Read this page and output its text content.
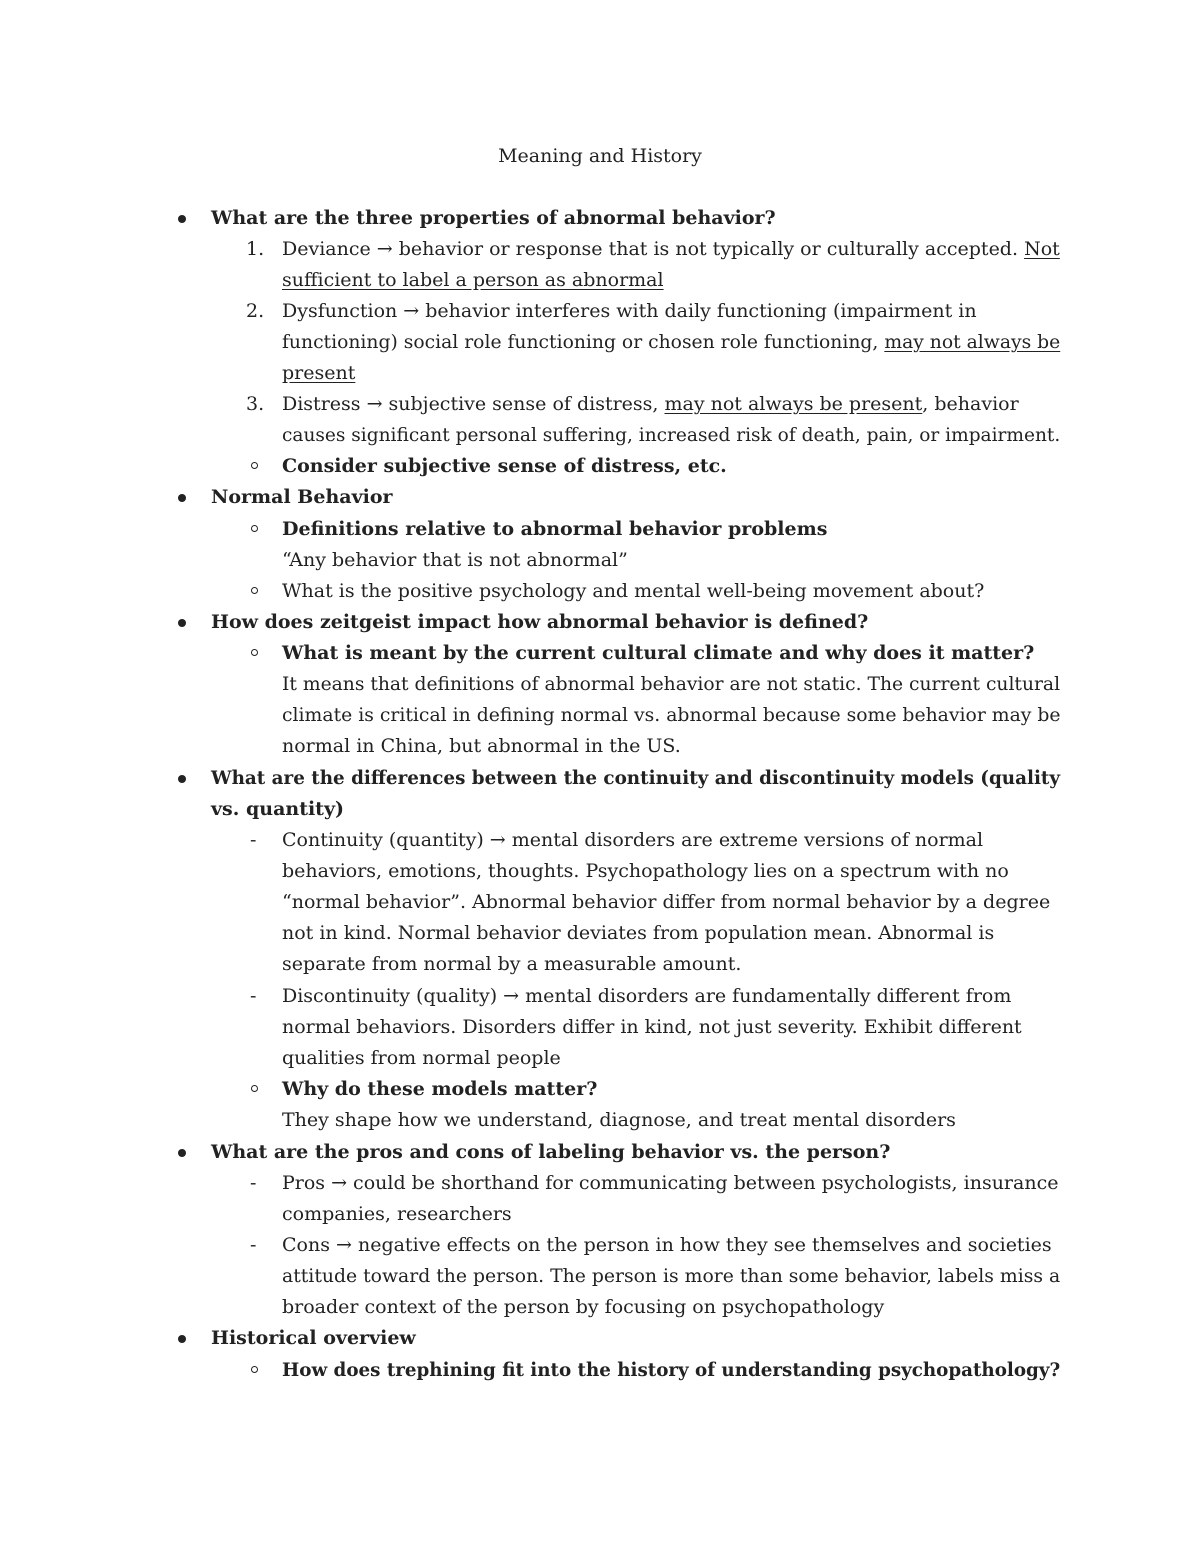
Meaning and History
What are the three properties of abnormal behavior?
1. Deviance → behavior or response that is not typically or culturally accepted. Not
sufficient to label a person as abnormal
2. Dysfunction → behavior interferes with daily functioning (impairment in
functioning) social role functioning or chosen role functioning, may not always be
present
3. Distress → subjective sense of distress, may not always be present, behavior
causes significant personal suffering, increased risk of death, pain, or impairment.
Consider subjective sense of distress, etc.
Normal Behavior
Definitions relative to abnormal behavior problems
“Any behavior that is not abnormal”
What is the positive psychology and mental well-being movement about?
How does zeitgeist impact how abnormal behavior is defined?
What is meant by the current cultural climate and why does it matter?
It means that definitions of abnormal behavior are not static. The current cultural
climate is critical in defining normal vs. abnormal because some behavior may be
normal in China, but abnormal in the US.
What are the differences between the continuity and discontinuity models (quality
vs. quantity)
- Continuity (quantity) → mental disorders are extreme versions of normal
behaviors, emotions, thoughts. Psychopathology lies on a spectrum with no
“normal behavior”. Abnormal behavior differ from normal behavior by a degree
not in kind. Normal behavior deviates from population mean. Abnormal is
separate from normal by a measurable amount.
- Discontinuity (quality) → mental disorders are fundamentally different from
normal behaviors. Disorders differ in kind, not just severity. Exhibit different
qualities from normal people
Why do these models matter?
They shape how we understand, diagnose, and treat mental disorders
What are the pros and cons of labeling behavior vs. the person?
- Pros → could be shorthand for communicating between psychologists, insurance
companies, researchers
- Cons → negative effects on the person in how they see themselves and societies
attitude toward the person. The person is more than some behavior, labels miss a
broader context of the person by focusing on psychopathology
Historical overview
How does trephining fit into the history of understanding psychopathology?
